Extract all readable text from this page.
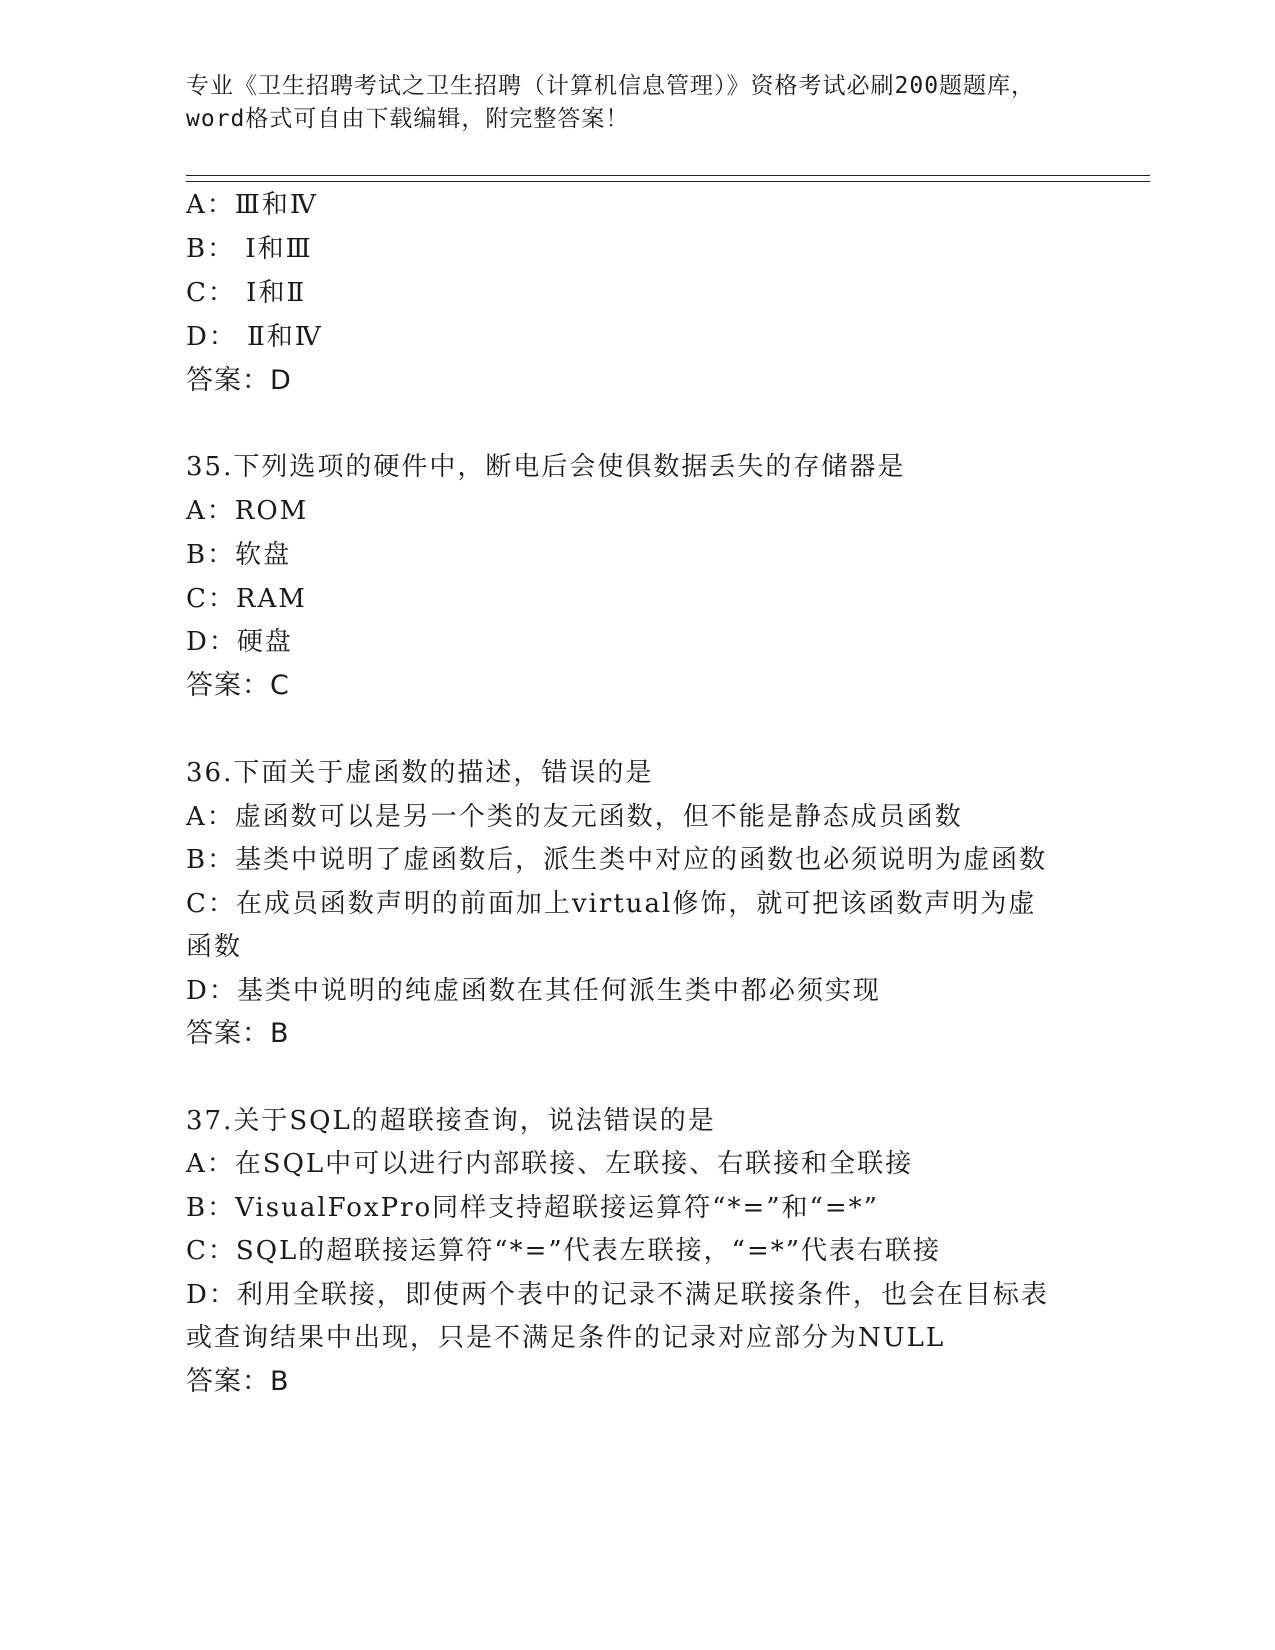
专业《卫生招聘考试之卫生招聘（计算机信息管理）》资格考试必刷200题题库，
word格式可自由下载编辑，附完整答案！
A：Ⅲ和Ⅳ
B： Ⅰ和Ⅲ
C： Ⅰ和Ⅱ
D： Ⅱ和Ⅳ
答案：D
35.下列选项的硬件中，断电后会使俱数据丢失的存储器是
A：ROM
B：软盘
C：RAM
D：硬盘
答案：C
36.下面关于虚函数的描述，错误的是
A：虚函数可以是另一个类的友元函数，但不能是静态成员函数
B：基类中说明了虚函数后，派生类中对应的函数也必须说明为虚函数
C：在成员函数声明的前面加上virtual修饰，就可把该函数声明为虚
函数
D：基类中说明的纯虚函数在其任何派生类中都必须实现
答案：B
37.关于SQL的超联接查询，说法错误的是
A：在SQL中可以进行内部联接、左联接、右联接和全联接
B：VisualFoxPro同样支持超联接运算符“*=”和“=*”
C：SQL的超联接运算符“*=”代表左联接，“=*”代表右联接
D：利用全联接，即使两个表中的记录不满足联接条件，也会在目标表
或查询结果中出现，只是不满足条件的记录对应部分为NULL
答案：B
